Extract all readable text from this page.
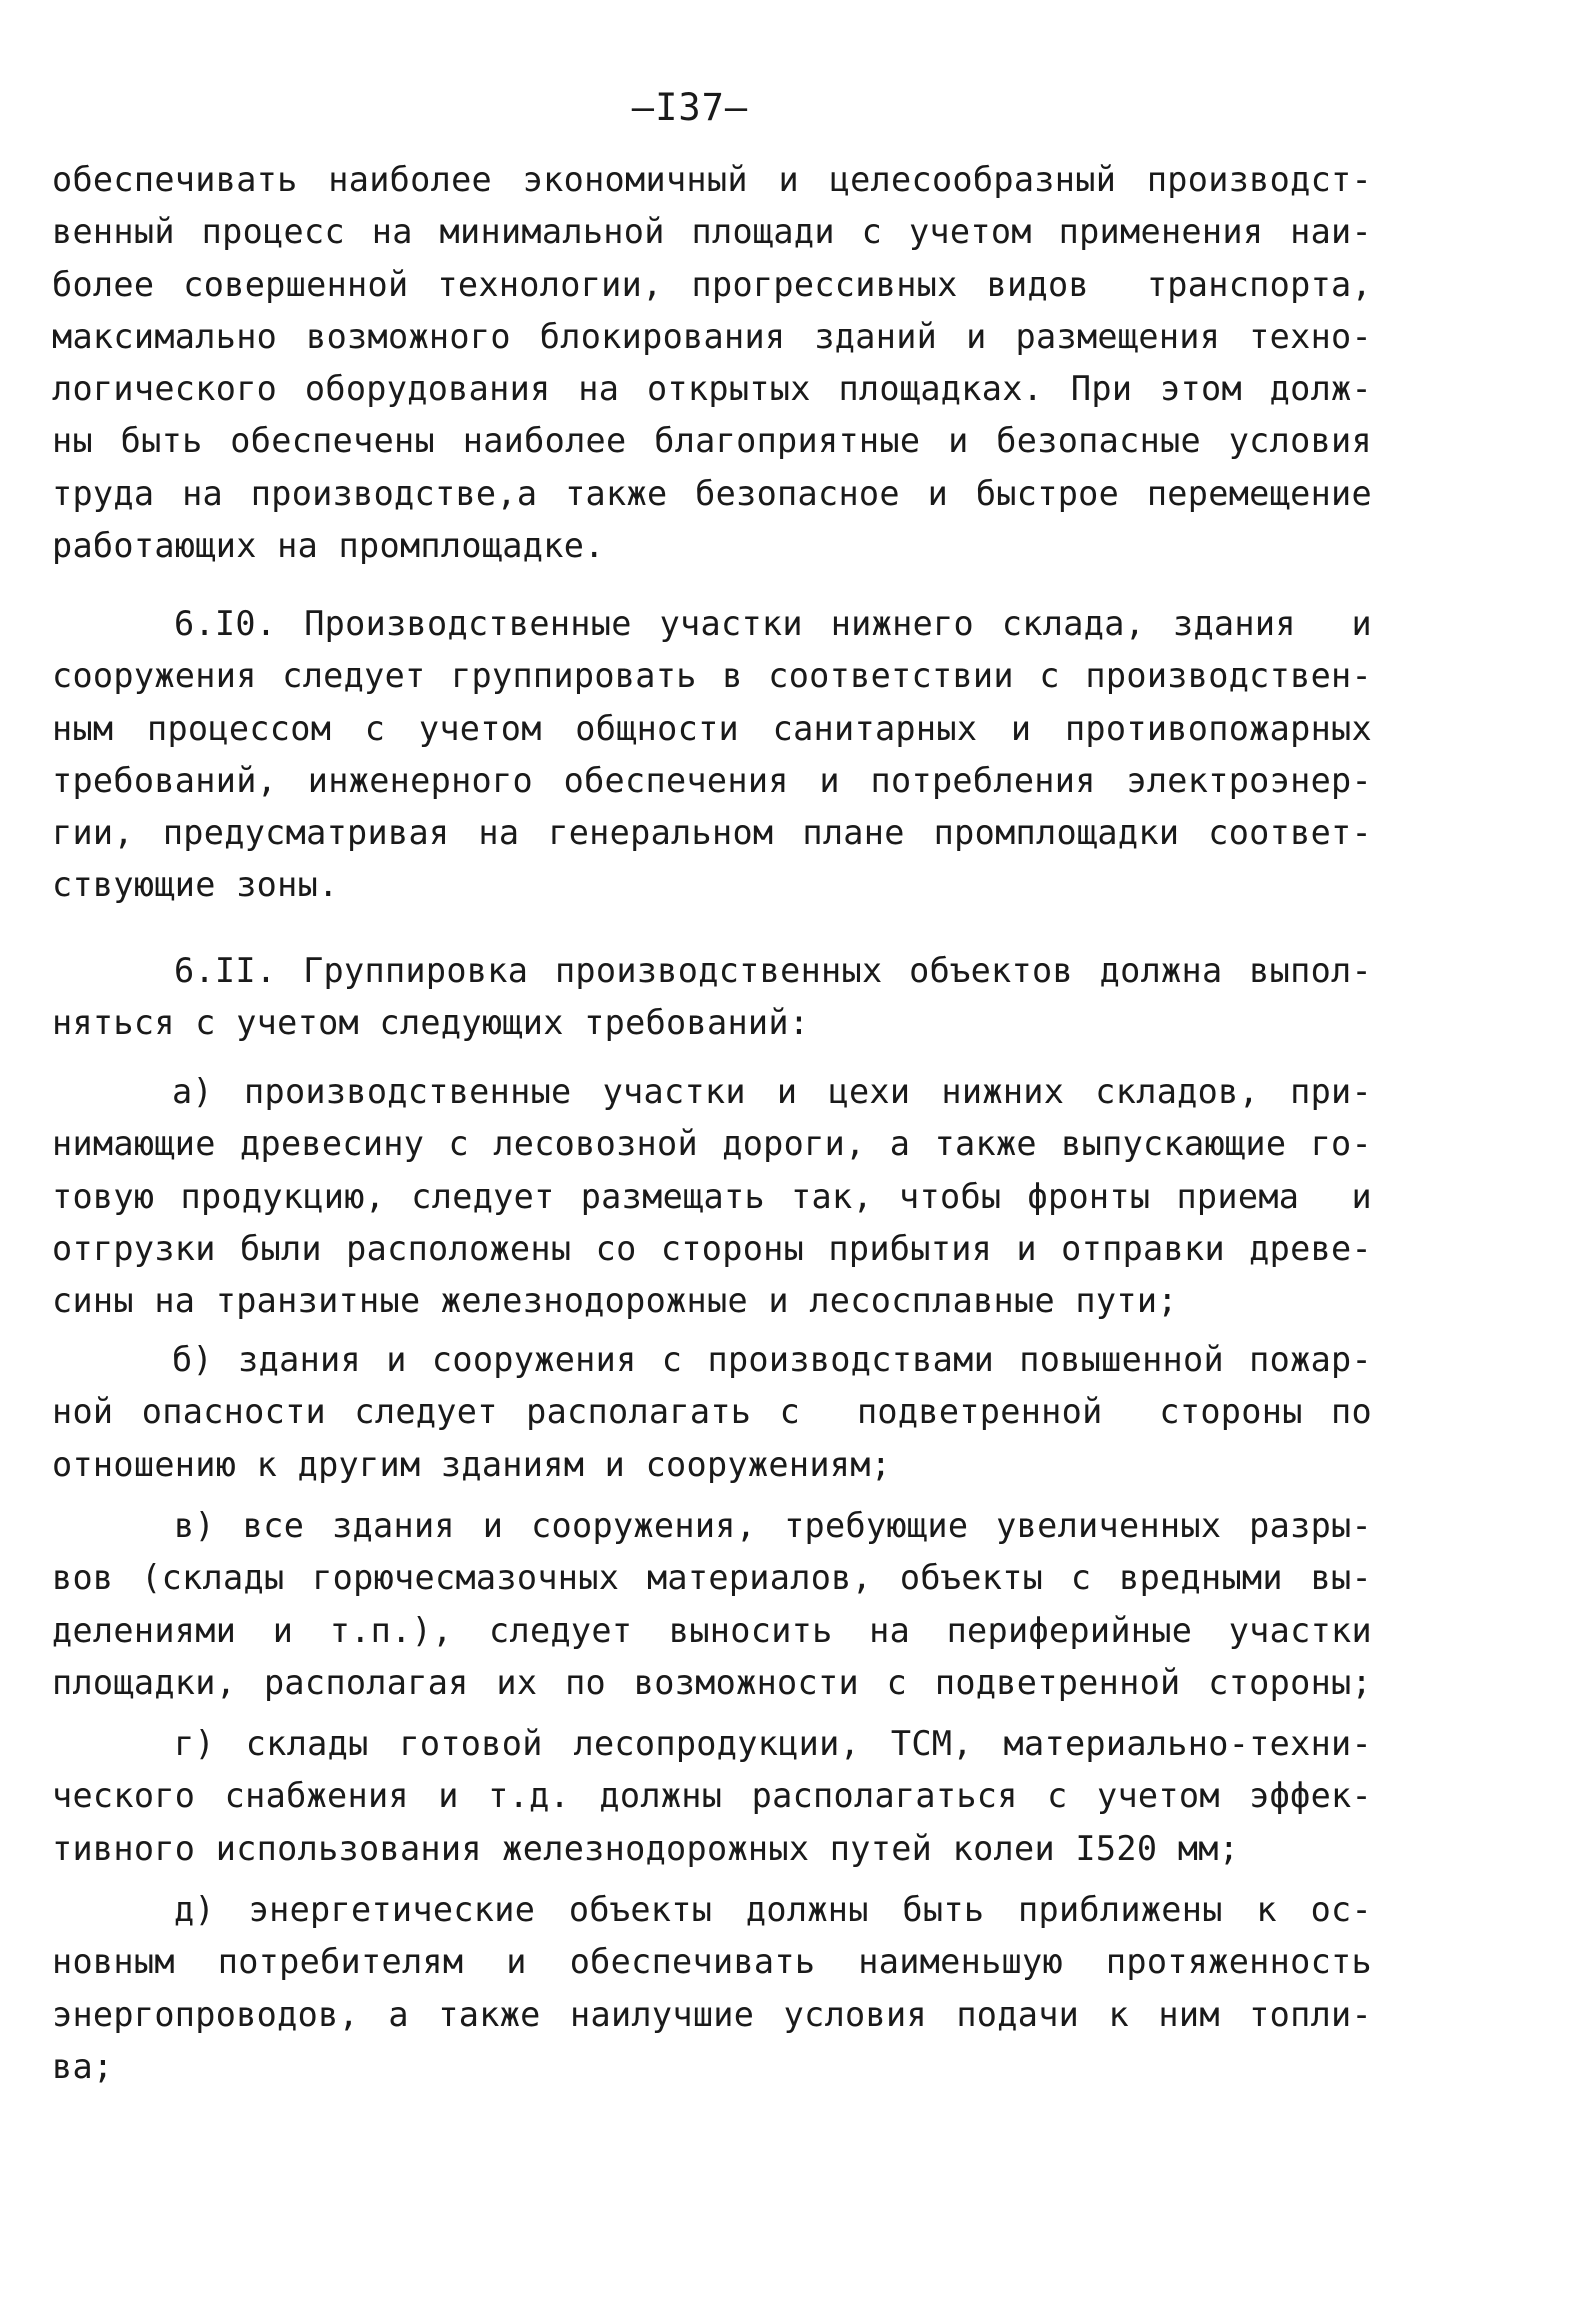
—I37—
обеспечивать наиболее экономичный и целесообразный производст-
венный процесс на минимальной площади с учетом применения наи-
более совершенной технологии, прогрессивных видов  транспорта,
максимально возможного блокирования зданий и размещения техно-
логического оборудования на открытых площадках. При этом долж-
ны быть обеспечены наиболее благоприятные и безопасные условия
труда на производстве,а также безопасное и быстрое перемещение
работающих на промплощадке.
6.I0. Производственные участки нижнего склада, здания  и
сооружения следует группировать в соответствии с производствен-
ным процессом с учетом общности санитарных и противопожарных
требований, инженерного обеспечения и потребления электроэнер-
гии, предусматривая на генеральном плане промплощадки соответ-
ствующие зоны.
6.II. Группировка производственных объектов должна выпол-
няться с учетом следующих требований:
а) производственные участки и цехи нижних складов, при-
нимающие древесину с лесовозной дороги, а также выпускающие го-
товую продукцию, следует размещать так, чтобы фронты приема  и
отгрузки были расположены со стороны прибытия и отправки древе-
сины на транзитные железнодорожные и лесосплавные пути;
б) здания и сооружения с производствами повышенной пожар-
ной опасности следует располагать с  подветренной  стороны по
отношению к другим зданиям и сооружениям;
в) все здания и сооружения, требующие увеличенных разры-
вов (склады горючесмазочных материалов, объекты с вредными вы-
делениями и т.п.), следует выносить на периферийные участки
площадки, располагая их по возможности с подветренной стороны;
г) склады готовой лесопродукции, ТСМ, материально-техни-
ческого снабжения и т.д. должны располагаться с учетом эффек-
тивного использования железнодорожных путей колеи I520 мм;
д) энергетические объекты должны быть приближены к ос-
новным потребителям и обеспечивать наименьшую протяженность
энергопроводов, а также наилучшие условия подачи к ним топли-
ва;
